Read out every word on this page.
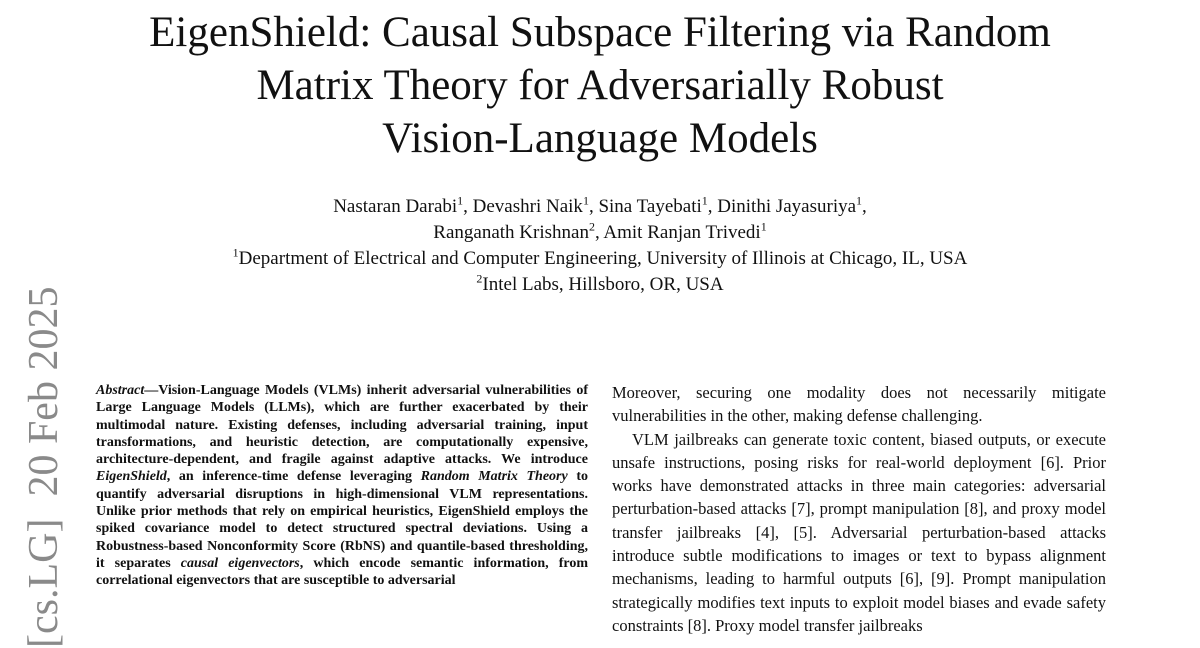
EigenShield: Causal Subspace Filtering via Random
Matrix Theory for Adversarially Robust
Vision-Language Models
Nastaran Darabi$^1$, Devashri Naik$^1$, Sina Tayebati$^1$, Dinithi Jayasuriya$^1$,
Ranganath Krishnan$^2$, Amit Ranjan Trivedi$^1$
$^1$Department of Electrical and Computer Engineering, University of Illinois at Chicago, IL, USA
$^2$Intel Labs, Hillsboro, OR, USA
[cs.LG]20 Feb 2025 Abstract—Vision-Language Models (VLMs) inherit adversarial vulnerabilities of Large Language Models (LLMs), which are further exacerbated by their multimodal nature. Existing defenses, including adversarial training, input transformations, and heuristic detection, are computationally expensive, architecture-dependent, and fragile against adaptive attacks. We introduce EigenShield, an inference-time defense leveraging Random Matrix Theory to quantify adversarial disruptions in high-dimensional VLM representations. Unlike prior methods that rely on empirical heuristics, EigenShield employs the spiked covariance model to detect structured spectral deviations. Using a Robustness-based Nonconformity Score (RbNS) and quantile-based thresholding, it separates causal eigenvectors, which encode semantic information, from correlational eigenvectors that are susceptible to adversarial

Moreover, securing one modality does not necessarily mitigate vulnerabilities in the other, making defense challenging.

VLM jailbreaks can generate toxic content, biased outputs, or execute unsafe instructions, posing risks for real-world deployment [6]. Prior works have demonstrated attacks in three main categories: adversarial perturbation-based attacks [7], prompt manipulation [8], and proxy model transfer jailbreaks [4], [5]. Adversarial perturbation-based attacks introduce subtle modifications to images or text to bypass alignment mechanisms, leading to harmful outputs [6], [9]. Prompt manipulation strategically modifies text inputs to exploit model biases and evade safety constraints [8]. Proxy model transfer jailbreaks
